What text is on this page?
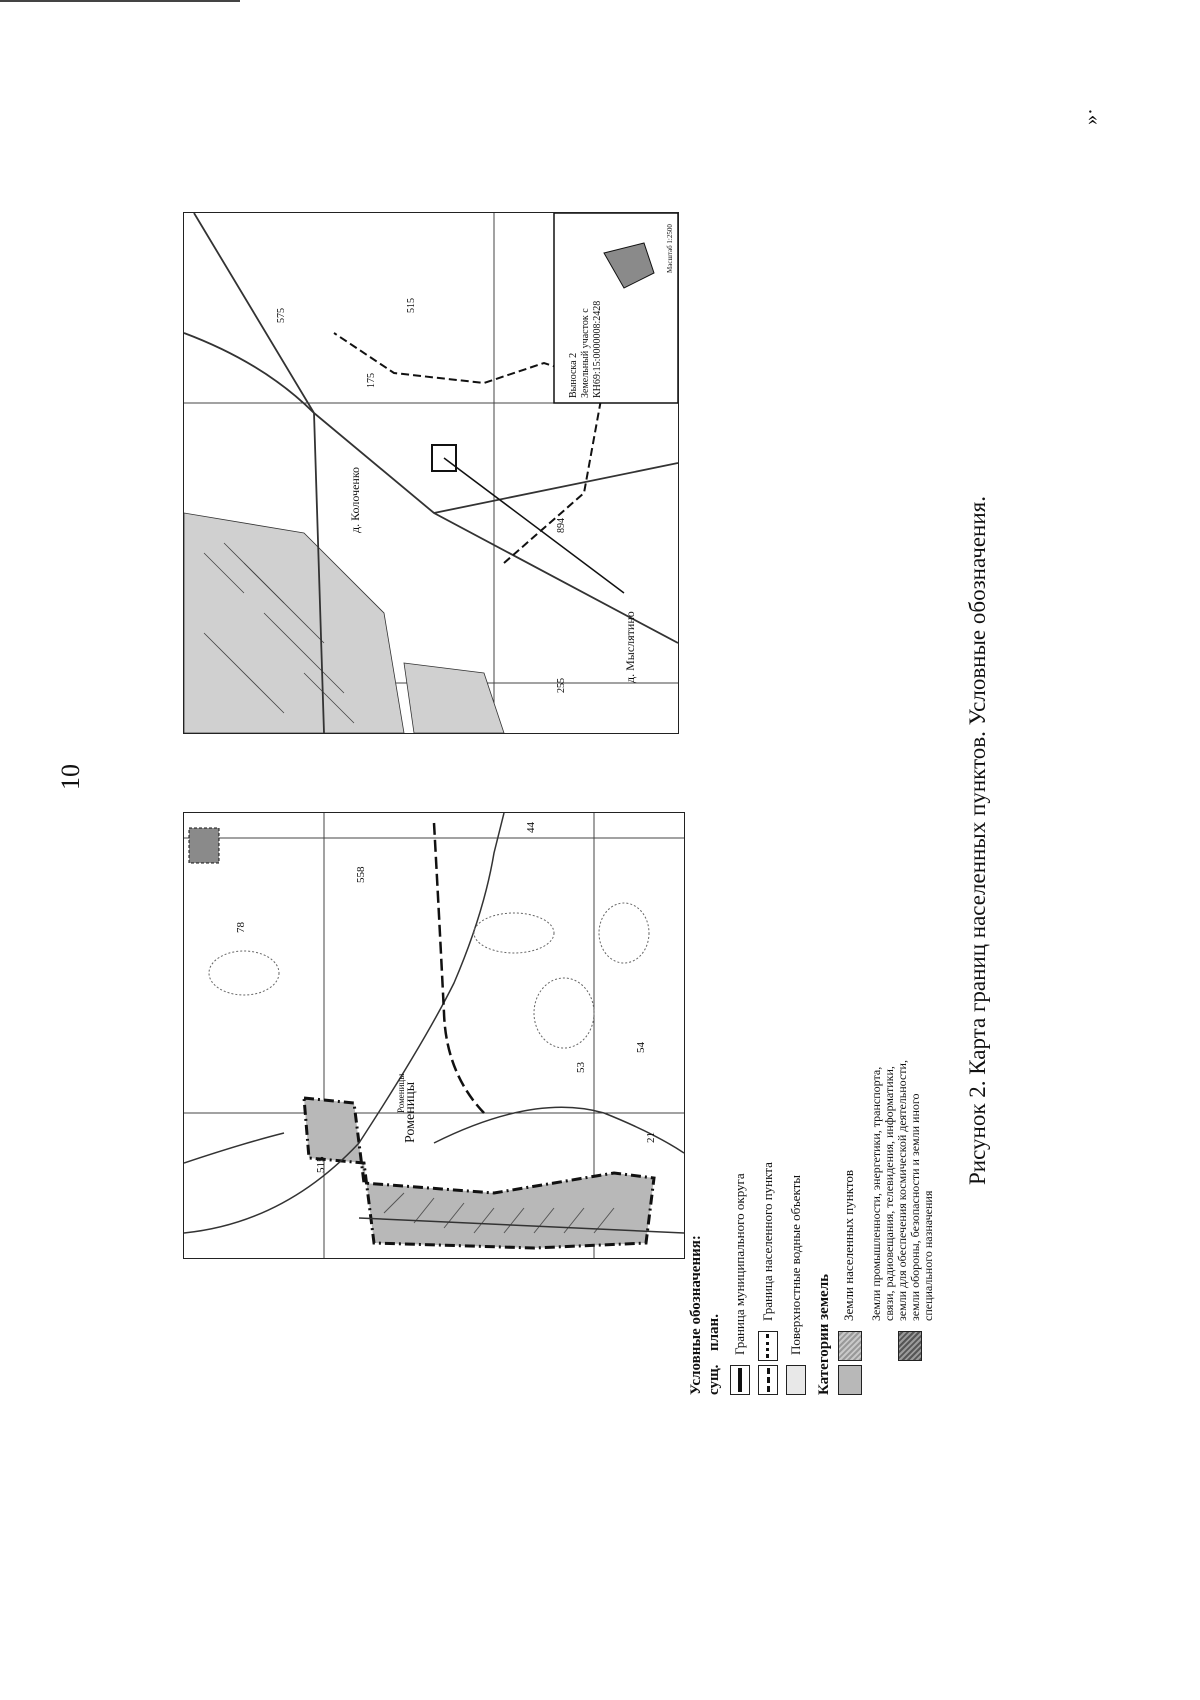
10
»·
Рисунок 2. Карта границ населенных пунктов. Условные обозначения.
Роменицы
Роменицы
558
515
44
78
54
53
21
Выноска 2 Земельный участок с КН69:15:0000008:2428
Масштаб 1:2500
д. Колоченко
д. Мыслятино
575
515
894
175
255
Условные обозначения: сущ.
план. Граница муниципального округа Граница населенного пункта Поверхностные водные объекты Категории земель
Земли населенных пунктов Земли промышленности, энергетики, транспорта, связи, радиовещания, телевидения, информатики, земли для обеспечения космической деятельности, земли обороны, безопасности и земли иного специального назначения
